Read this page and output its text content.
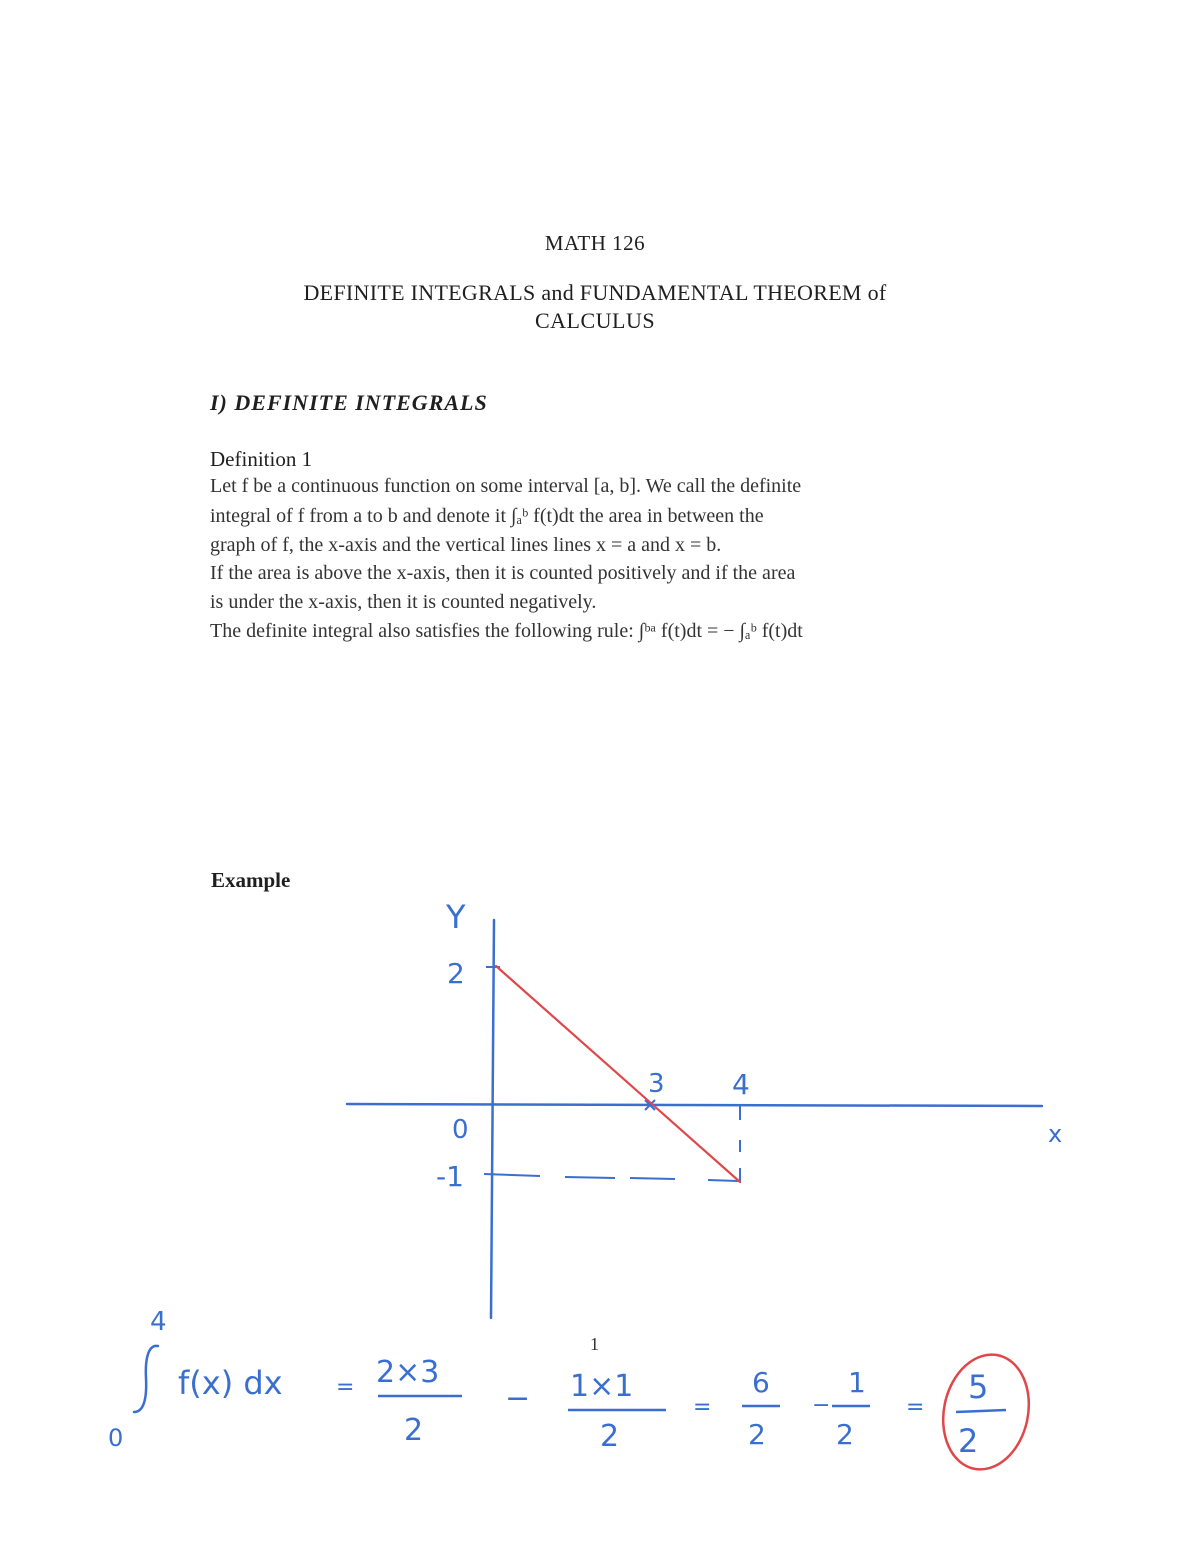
MATH 126
DEFINITE INTEGRALS and FUNDAMENTAL THEOREM of
CALCULUS
I) DEFINITE INTEGRALS
Definition 1
Let f be a continuous function on some interval [a, b]. We call the definite
integral of f from a to b and denote it ∫ₐᵇ f(t)dt the area in between the
graph of f, the x-axis and the vertical lines lines x = a and x = b.
If the area is above the x-axis, then it is counted positively and if the area
is under the x-axis, then it is counted negatively.
The definite integral also satisfies the following rule: ∫ᵇᵃ f(t)dt = − ∫ₐᵇ f(t)dt
Example
Y
2
0
-1
3 4
x
4
0
f(x) dx = 2×3
2
− 1×1
2
=
6
2
−
1
2
=
5
2
1
